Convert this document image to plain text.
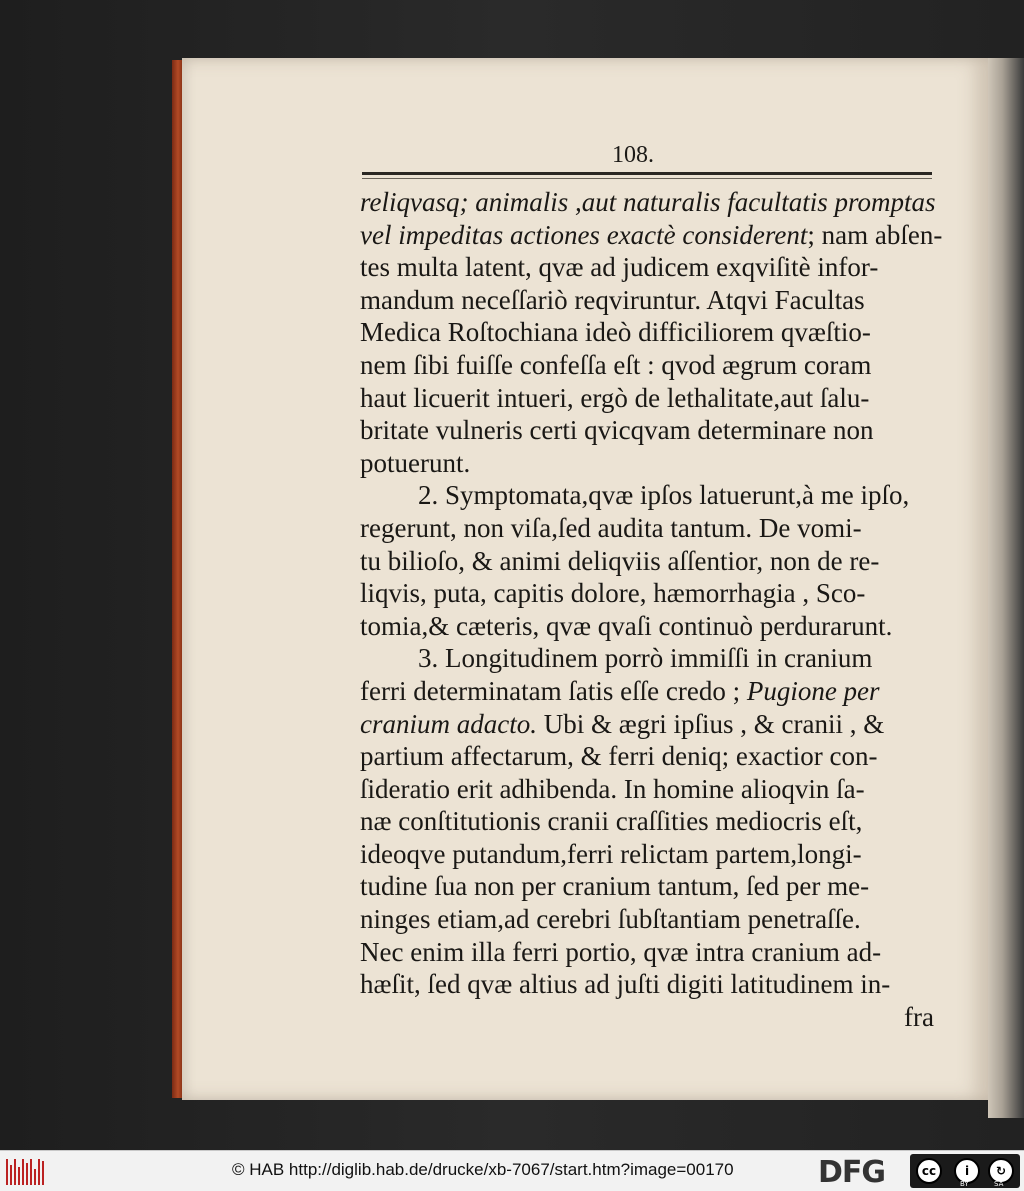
108.
reliqvasq; animalis ,aut naturalis facultatis promptas
vel impeditas actiones exactè considerent; nam abſen-
tes multa latent, qvæ ad judicem exqviſitè infor-
mandum neceſſariò reqviruntur. Atqvi Facultas
Medica Roſtochiana ideò difficiliorem qvæſtio-
nem ſibi fuiſſe confeſſa eſt : qvod ægrum coram
haut licuerit intueri, ergò de lethalitate,aut ſalu-
britate vulneris certi qvicqvam determinare non
potuerunt.
2. Symptomata,qvæ ipſos latuerunt,à me ipſo,
regerunt, non viſa,ſed audita tantum. De vomi-
tu bilioſo, & animi deliqviis aſſentior, non de re-
liqvis, puta, capitis dolore, hæmorrhagia , Sco-
tomia,& cæteris, qvæ qvaſi continuò perdurarunt.
3. Longitudinem porrò immiſſi in cranium
ferri determinatam ſatis eſſe credo ; Pugione per
cranium adacto. Ubi & ægri ipſius , & cranii , &
partium affectarum, & ferri deniq; exactior con-
ſideratio erit adhibenda. In homine alioqvin ſa-
næ conſtitutionis cranii craſſities mediocris eſt,
ideoqve putandum,ferri relictam partem,longi-
tudine ſua non per cranium tantum, ſed per me-
ninges etiam,ad cerebri ſubſtantiam penetraſſe.
Nec enim illa ferri portio, qvæ intra cranium ad-
hæſit, ſed qvæ altius ad juſti digiti latitudinem in-
fra
© HAB http://diglib.hab.de/drucke/xb-7067/start.htm?image=00170	DFG	cc	i	↻
BY	SA
